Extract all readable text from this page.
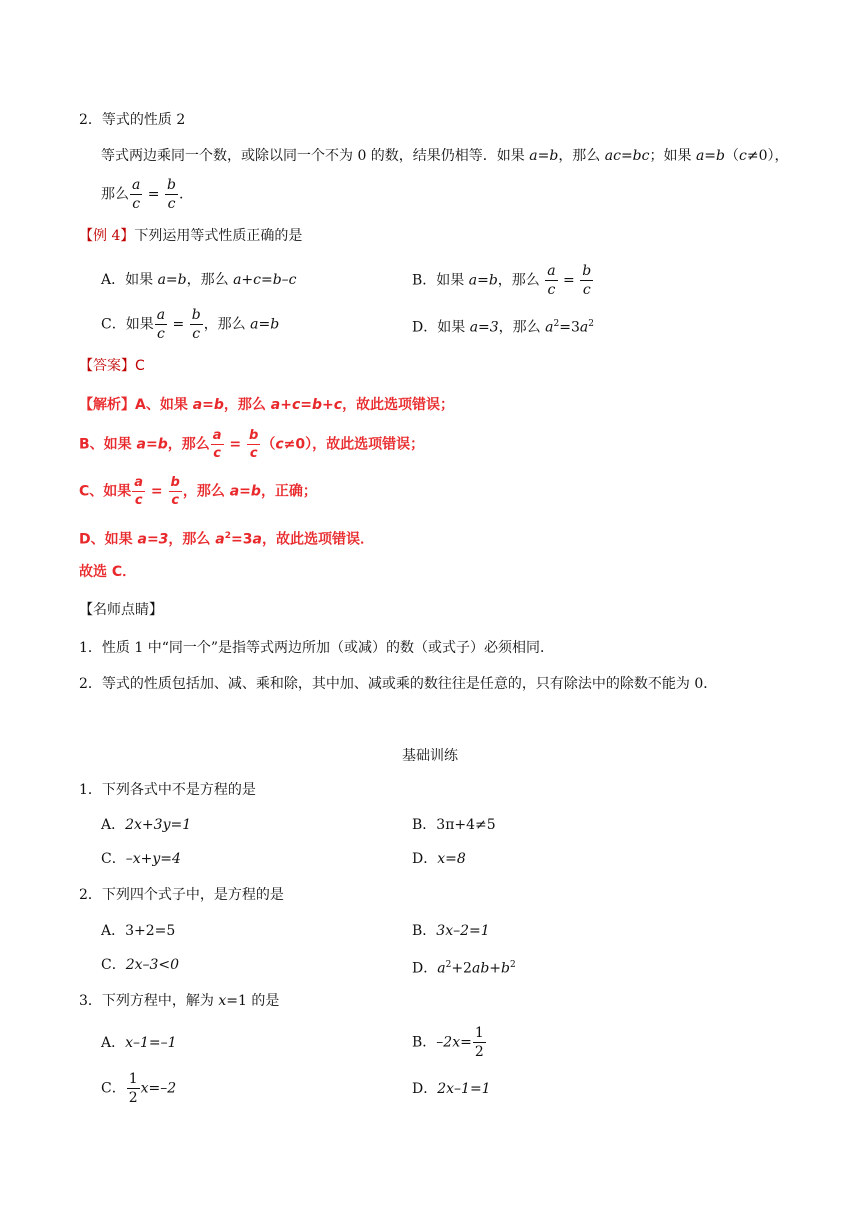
2．等式的性质 2
等式两边乘同一个数，或除以同一个不为 0 的数，结果仍相等．如果 a=b，那么 ac=bc；如果 a=b（c≠0），
那么 $\frac{a}{c} = \frac{b}{c}$ .
【例 4】下列运用等式性质正确的是
A．如果 a=b，那么 a+c=b–c	B．如果 a=b，那么 $\frac{a}{c} = \frac{b}{c}$
C．如果 $\frac{a}{c} = \frac{b}{c}$ ，那么 a=b	D．如果 a=3，那么 $a^2=3a^2$
【答案】C
【解析】A、如果 a=b，那么 a+c=b+c，故此选项错误；
B、如果 a=b，那么 $\frac{a}{c} = \frac{b}{c} (c\ne 0)$，故此选项错误；
C、如果 $\frac{a}{c} = \frac{b}{c}$ ，那么 a=b，正确；
D、如果 a=3，那么 $a^2=3a$，故此选项错误．
故选 C．
【名师点睛】
1．性质 1 中“同一个”是指等式两边所加（或减）的数（或式子）必须相同．
2．等式的性质包括加、减、乘和除，其中加、减或乘的数往往是任意的，只有除法中的除数不能为 0．
基础训练
1．下列各式中不是方程的是
A．2x+3y=1	B．3π+4≠5
C．–x+y=4	D．x=8
2．下列四个式子中，是方程的是
A．3+2=5	B．3x–2=1
C．2x–3<0	D．$a^2+2ab+b^2$
3．下列方程中，解为 x=1 的是
A．x–1=–1	B．$-2x= \frac{1}{2}$
C． $\frac{1}{2} x=-2$	D．2x–1=1
